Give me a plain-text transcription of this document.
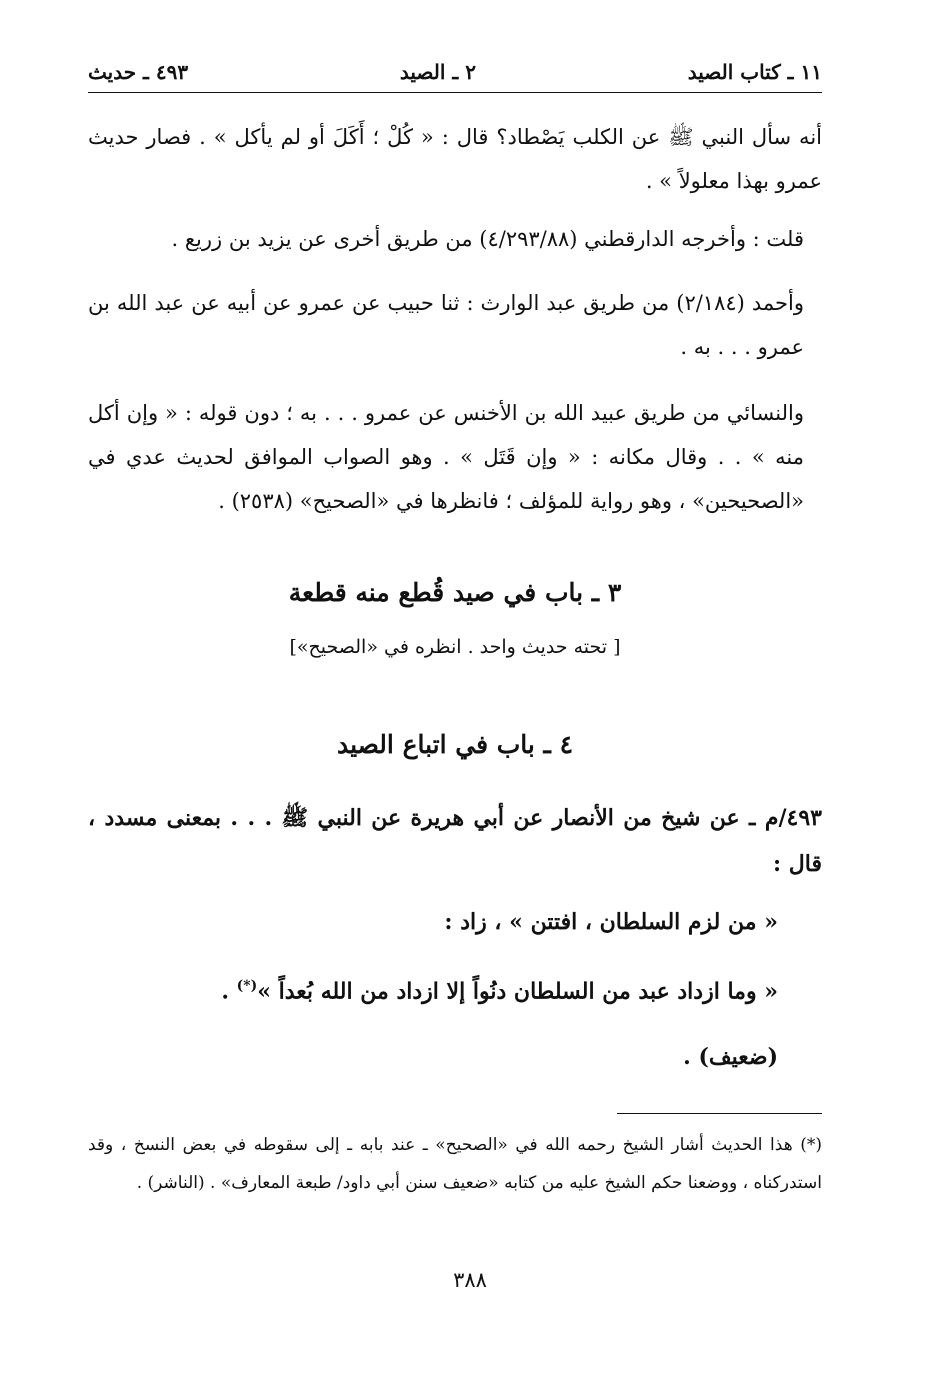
١١ ـ كتاب الصيد
٢ ـ الصيد
٤٩٣ ـ حديث

أنه سأل النبي ﷺ عن الكلب يَصْطاد؟ قال : « كُلْ ؛ أَكَلَ أو لم يأكل » . فصار حديث عمرو بهذا معلولاً » .

قلت : وأخرجه الدارقطني (٤/٢٩٣/٨٨) من طريق أخرى عن يزيد بن زريع .

وأحمد (٢/١٨٤) من طريق عبد الوارث : ثنا حبيب عن عمرو عن أبيه عن عبد الله بن عمرو . . . به .

والنسائي من طريق عبيد الله بن الأخنس عن عمرو . . . به ؛ دون قوله : « وإن أكل منه » . . وقال مكانه : « وإن قَتَل » . وهو الصواب الموافق لحديث عدي في «الصحيحين» ، وهو رواية للمؤلف ؛ فانظرها في «الصحيح» (٢٥٣٨) .

٣ ـ باب في صيد قُطع منه قطعة
[ تحته حديث واحد . انظره في «الصحيح»]
٤ ـ باب في اتباع الصيد
٤٩٣/م ـ عن شيخ من الأنصار عن أبي هريرة عن النبي ﷺ . . . بمعنى مسدد ، قال :
« من لزم السلطان ، افتتن » ، زاد :
« وما ازداد عبد من السلطان دنُواً إلا ازداد من الله بُعداً »(*) .
(ضعيف) .
(*) هذا الحديث أشار الشيخ رحمه الله في «الصحيح» ـ عند بابه ـ إلى سقوطه في بعض النسخ ، وقد استدركناه ، ووضعنا حكم الشيخ عليه من كتابه «ضعيف سنن أبي داود/ طبعة المعارف» . (الناشر) .
٣٨٨
